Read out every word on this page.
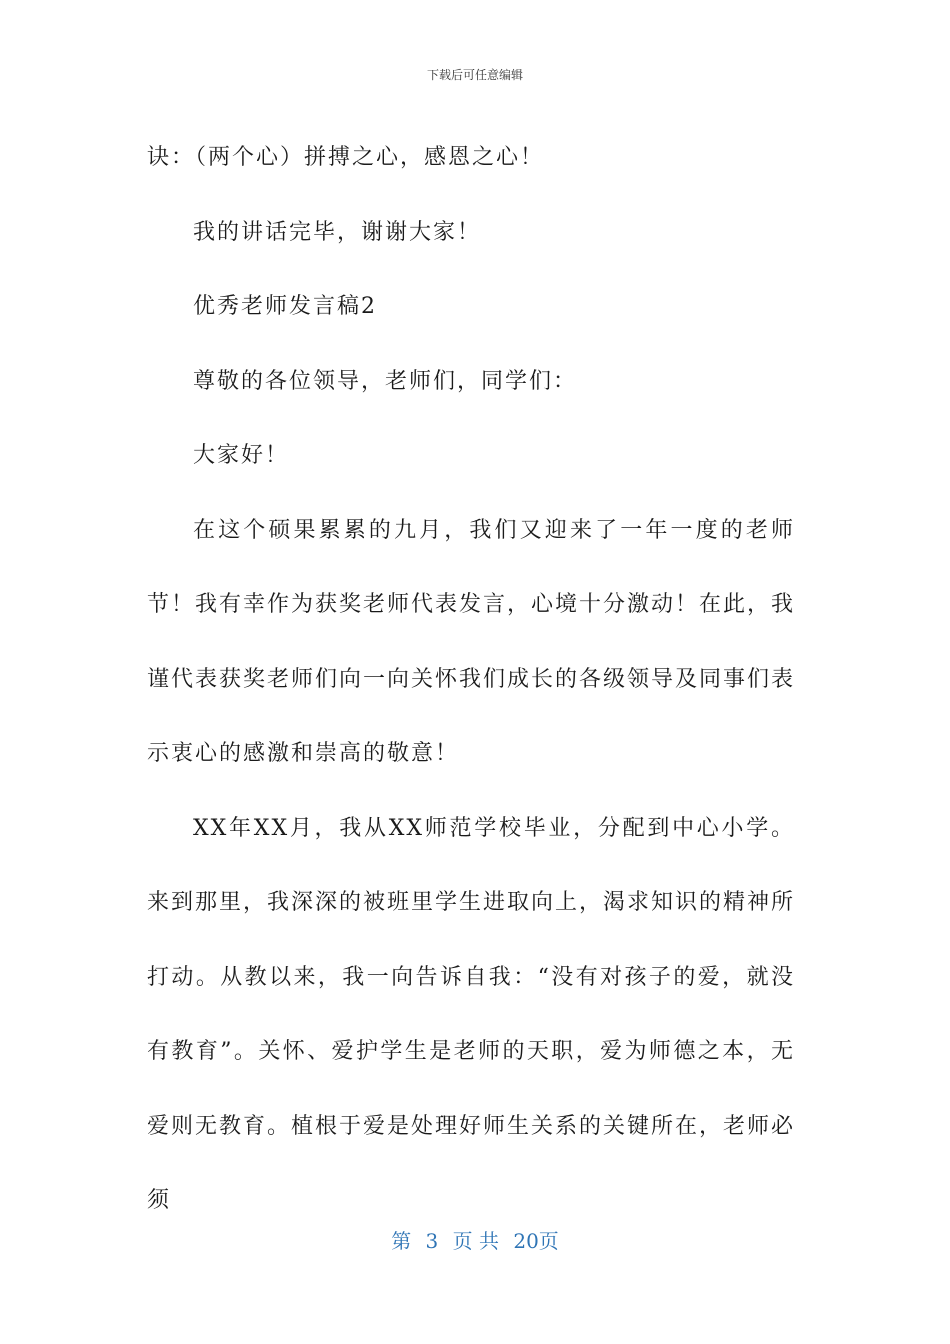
下载后可任意编辑

诀：（两个心）拼搏之心，感恩之心！

我的讲话完毕，谢谢大家！

优秀老师发言稿2

尊敬的各位领导，老师们，同学们：

大家好！

在这个硕果累累的九月，我们又迎来了一年一度的老师节！我有幸作为获奖老师代表发言，心境十分激动！在此，我谨代表获奖老师们向一向关怀我们成长的各级领导及同事们表示衷心的感激和崇高的敬意！

XX年XX月，我从XX师范学校毕业，分配到中心小学。来到那里，我深深的被班里学生进取向上，渴求知识的精神所打动。从教以来，我一向告诉自我：“没有对孩子的爱，就没有教育”。关怀、爱护学生是老师的天职，爱为师德之本，无爱则无教育。植根于爱是处理好师生关系的关键所在，老师必须

第 3 页 共 20页
